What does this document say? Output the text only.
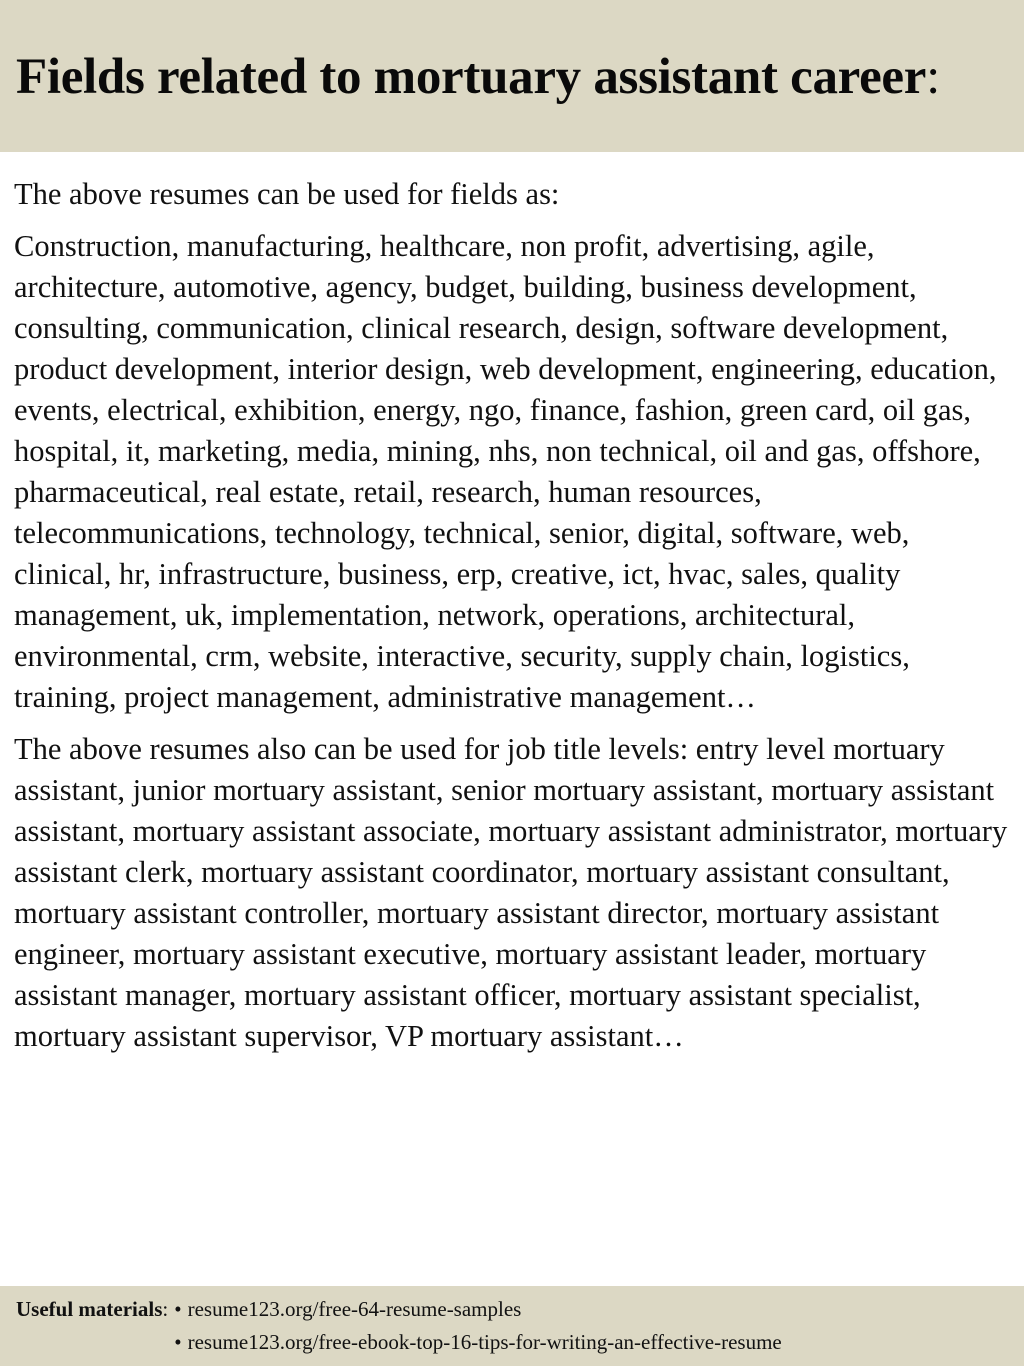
Fields related to mortuary assistant career:

The above resumes can be used for fields as:

Construction, manufacturing, healthcare, non profit, advertising, agile, architecture, automotive, agency, budget, building, business development, consulting, communication, clinical research, design, software development, product development, interior design, web development, engineering, education, events, electrical, exhibition, energy, ngo, finance, fashion, green card, oil gas, hospital, it, marketing, media, mining, nhs, non technical, oil and gas, offshore, pharmaceutical, real estate, retail, research, human resources, telecommunications, technology, technical, senior, digital, software, web, clinical, hr, infrastructure, business, erp, creative, ict, hvac, sales, quality management, uk, implementation, network, operations, architectural, environmental, crm, website, interactive, security, supply chain, logistics, training, project management, administrative management…

The above resumes also can be used for job title levels: entry level mortuary assistant, junior mortuary assistant, senior mortuary assistant, mortuary assistant assistant, mortuary assistant associate, mortuary assistant administrator, mortuary assistant clerk, mortuary assistant coordinator, mortuary assistant consultant, mortuary assistant controller, mortuary assistant director, mortuary assistant engineer, mortuary assistant executive, mortuary assistant leader, mortuary assistant manager, mortuary assistant officer, mortuary assistant specialist, mortuary assistant supervisor, VP mortuary assistant…

Useful materials: • resume123.org/free-64-resume-samples
• resume123.org/free-ebook-top-16-tips-for-writing-an-effective-resume
